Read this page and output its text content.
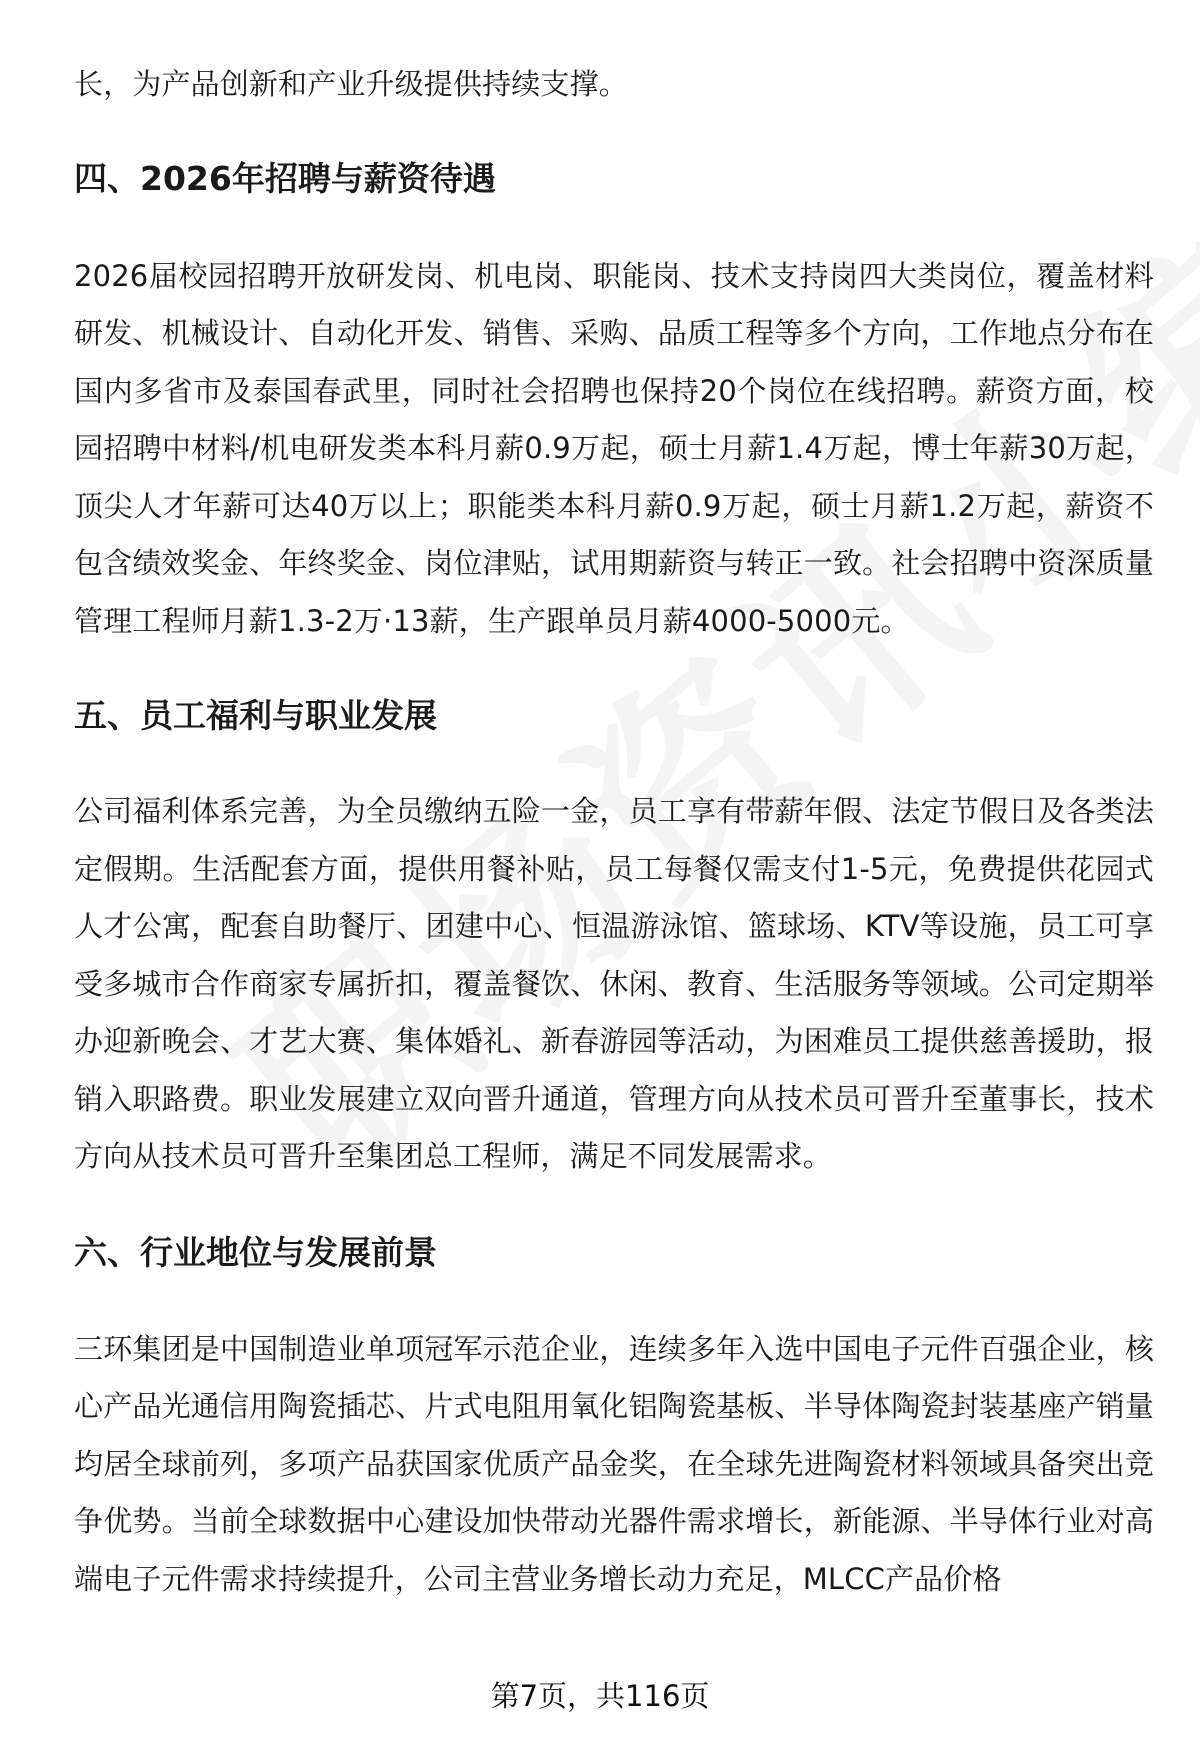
长，为产品创新和产业升级提供持续支撑。

四、2026年招聘与薪资待遇

2026届校园招聘开放研发岗、机电岗、职能岗、技术支持岗四大类岗位，覆盖材料研发、机械设计、自动化开发、销售、采购、品质工程等多个方向，工作地点分布在国内多省市及泰国春武里，同时社会招聘也保持20个岗位在线招聘。薪资方面，校园招聘中材料/机电研发类本科月薪0.9万起，硕士月薪1.4万起，博士年薪30万起，顶尖人才年薪可达40万以上；职能类本科月薪0.9万起，硕士月薪1.2万起，薪资不包含绩效奖金、年终奖金、岗位津贴，试用期薪资与转正一致。社会招聘中资深质量管理工程师月薪1.3-2万·13薪，生产跟单员月薪4000-5000元。

五、员工福利与职业发展

公司福利体系完善，为全员缴纳五险一金，员工享有带薪年假、法定节假日及各类法定假期。生活配套方面，提供用餐补贴，员工每餐仅需支付1-5元，免费提供花园式人才公寓，配套自助餐厅、团建中心、恒温游泳馆、篮球场、KTV等设施，员工可享受多城市合作商家专属折扣，覆盖餐饮、休闲、教育、生活服务等领域。公司定期举办迎新晚会、才艺大赛、集体婚礼、新春游园等活动，为困难员工提供慈善援助，报销入职路费。职业发展建立双向晋升通道，管理方向从技术员可晋升至董事长，技术方向从技术员可晋升至集团总工程师，满足不同发展需求。

六、行业地位与发展前景

三环集团是中国制造业单项冠军示范企业，连续多年入选中国电子元件百强企业，核心产品光通信用陶瓷插芯、片式电阻用氧化铝陶瓷基板、半导体陶瓷封装基座产销量均居全球前列，多项产品获国家优质产品金奖，在全球先进陶瓷材料领域具备突出竞争优势。当前全球数据中心建设加快带动光器件需求增长，新能源、半导体行业对高端电子元件需求持续提升，公司主营业务增长动力充足，MLCC产品价格

第7页，共116页
